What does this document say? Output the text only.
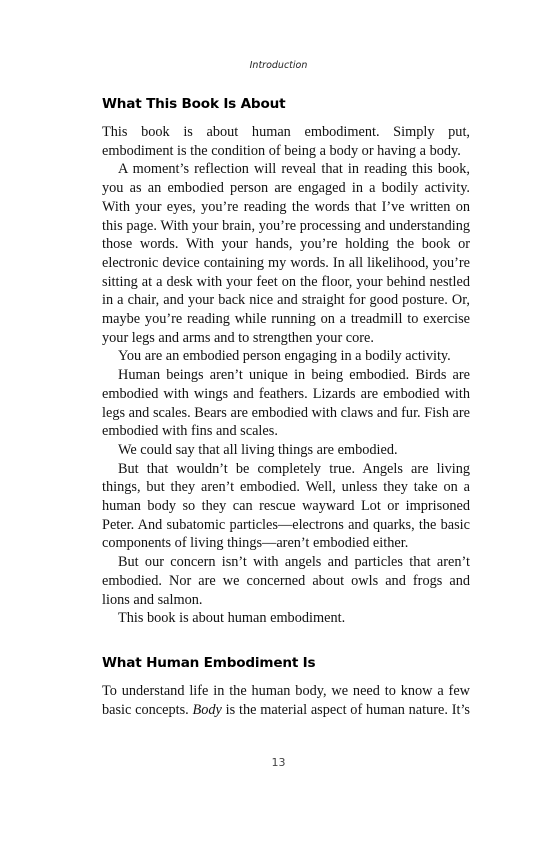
Introduction
What This Book Is About

This book is about human embodiment. Simply put, embodiment is the condition of being a body or having a body.

A moment’s reflection will reveal that in reading this book, you as an embodied person are engaged in a bodily activity. With your eyes, you’re reading the words that I’ve written on this page. With your brain, you’re processing and understanding those words. With your hands, you’re holding the book or electronic device containing my words. In all likelihood, you’re sitting at a desk with your feet on the floor, your behind nestled in a chair, and your back nice and straight for good posture. Or, maybe you’re reading while running on a treadmill to exercise your legs and arms and to strengthen your core.

You are an embodied person engaging in a bodily activity.

Human beings aren’t unique in being embodied. Birds are embodied with wings and feathers. Lizards are embodied with legs and scales. Bears are embodied with claws and fur. Fish are embodied with fins and scales.

We could say that all living things are embodied.

But that wouldn’t be completely true. Angels are living things, but they aren’t embodied. Well, unless they take on a human body so they can rescue wayward Lot or imprisoned Peter. And subatomic particles—electrons and quarks, the basic components of living things—aren’t embodied either.

But our concern isn’t with angels and particles that aren’t embodied. Nor are we concerned about owls and frogs and lions and salmon.

This book is about human embodiment.

What Human Embodiment Is

To understand life in the human body, we need to know a few basic concepts. Body is the material aspect of human nature. It’s

13
